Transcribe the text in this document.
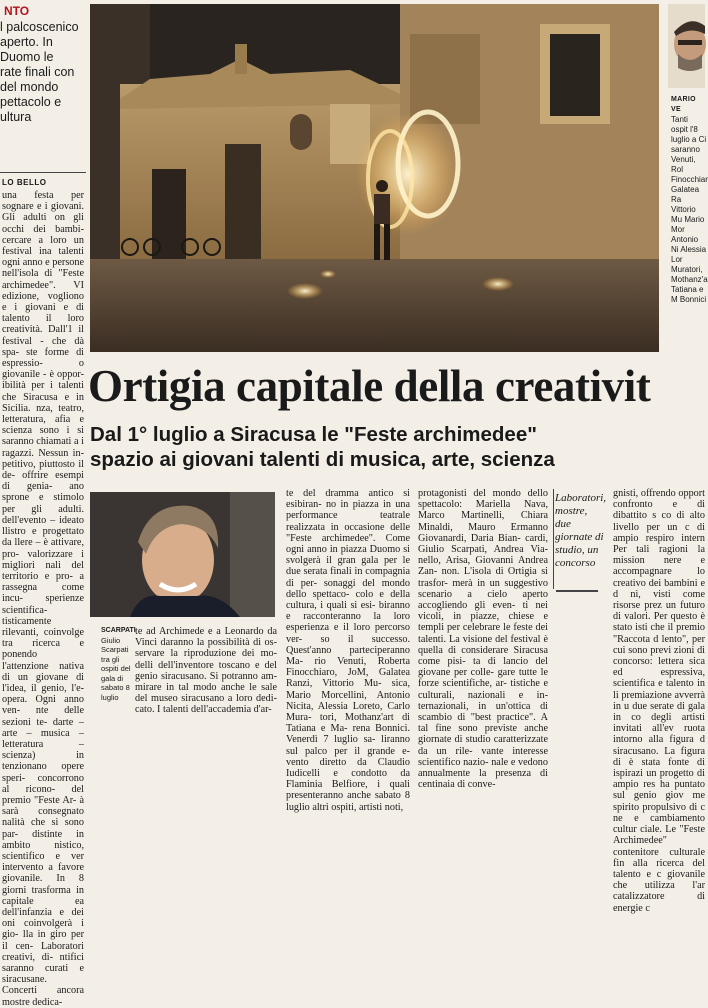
NTO
l palcoscenico
aperto. In
Duomo le
rate finali con
del mondo
pettacolo e
ultura
LO BELLO

una festa per sognare e i giovani. Gli adulti on gli occhi dei bambi- cercare a loro un festival ina talenti ogni anno e persone nell'isola di "Feste archimedee". VI edizione, vogliono e i giovani e di talento il loro creatività. Dall'1 il festival - che dà spa- ste forme di espressio- o giovanile - è oppor- ibilità per i talenti che Siracusa e in Sicilia. nza, teatro, letteratura, afia e scienza sono i si saranno chiamati a i ragazzi. Nessun in- petitivo, piuttosto il de- offrire esempi di genia- ano sprone e stimolo per gli adulti. dell'evento – ideato llistro e progettato da llere – è attivare, pro- valorizzare i migliori nali del territorio e pro- a rassegna come incu- sperienze scientifica- tisticamente rilevanti, coinvolge tra ricerca e ponendo l'attenzione nativa di un giovane di l'idea, il genio, l'e- opera. Ogni anno ven- nte delle sezioni te- darte – arte – musica – letteratura – scienza) in tenzionano opere speri- concorrono al ricono- del premio "Feste Ar- à sarà consegnato nalità che si sono par- distinte in ambito nistico, scientifico e ver intervento a favore giovanile. In 8 giorni trasforma in capitale ea dell'infanzia e dei oni coinvolgerà i gio- lla in giro per il cen- Laboratori creativi, di- ntifici saranno curati e siracusane. Concerti ancora mostre dedica-

MARIO VE
Tanti ospit l'8 luglio a Ci saranno Venuti, Rol Finocchiar Galatea Ra Vittorio Mu Mario Mor Antonio Ni Alessia Lor Muratori, Mothanz'a Tatiana e M Bonnici
Ortigia capitale della creativit
Dal 1° luglio a Siracusa le "Feste archimedee"
spazio ai giovani talenti di musica, arte, scienza
SCARPATI
Giulio Scarpati tra gli ospiti del gala di sabato 8 luglio

te ad Archimede e a Leonardo da Vinci daranno la possibilità di os- servare la riproduzione dei mo- delli dell'inventore toscano e del genio siracusano. Si potranno am- mirare in tal modo anche le sale del museo siracusano a loro dedi- cato. I talenti dell'accademia d'ar-

te del dramma antico si esibiran- no in piazza in una performance teatrale realizzata in occasione delle "Feste archimedee". Come ogni anno in piazza Duomo si svolgerà il gran gala per le due serata finali in compagnia di per- sonaggi del mondo dello spettaco- colo e della cultura, i quali si esi- biranno e racconteranno la loro esperienza e il loro percorso ver- so il successo. Quest'anno parteciperanno Ma- rio Venuti, Roberta Finocchiaro, JoM, Galatea Ranzi, Vittorio Mu- sica, Mario Morcellini, Antonio Nicita, Alessia Loreto, Carlo Mura- tori, Mothanz'art di Tatiana e Ma- rena Bonnici. Venerdì 7 luglio sa- liranno sul palco per il grande e- vento diretto da Claudio Iudicelli e condotto da Flaminia Belfiore, i quali presenteranno anche sabato 8 luglio altri ospiti, artisti noti,

protagonisti del mondo dello spettacolo: Mariella Nava, Marco Martinelli, Chiara Minaldi, Mauro Ermanno Giovanardi, Daria Bian- cardi, Giulio Scarpati, Andrea Via- nello, Arisa, Giovanni Andrea Zan- non. L'isola di Ortigia si trasfor- merà in un suggestivo scenario a cielo aperto accogliendo gli even- ti nei vicoli, in piazze, chiese e templi per celebrare le feste dei talenti. La visione del festival è quella di considerare Siracusa come pisi- ta di lancio del giovane per colle- gare tutte le forze scientifiche, ar- tistiche e culturali, nazionali e in- ternazionali, in un'ottica di scambio di "best practice". A tal fine sono previste anche giornate di studio caratterizzate da un rile- vante interesse scientifico nazio- nale e vedono annualmente la presenza di centinaia di conve-

Laboratori, mostre, due giornate di studio, un concorso

gnisti, offrendo opport confronto e di dibattito s co di alto livello per un c di ampio respiro intern Per tali ragioni la mission nere e accompagnare lo creativo dei bambini e d ni, visti come risorse prez un futuro di valori. Per questo è stato isti che il premio "Raccota d lento", per cui sono previ zioni di concorso: lettera sica ed espressiva, scientifica e talento in li premiazione avverrà in u due serate di gala in co degli artisti invitati all'ev ruota intorno alla figura d siracusano. La figura di è stata fonte di ispirazi un progetto di ampio res ha puntato sul genio giov me spirito propulsivo di c ne e cambiamento cultur ciale. Le "Feste Archimedee" contenitore culturale fin alla ricerca del talento e c giovanile che utilizza l'ar catalizzatore di energie c
